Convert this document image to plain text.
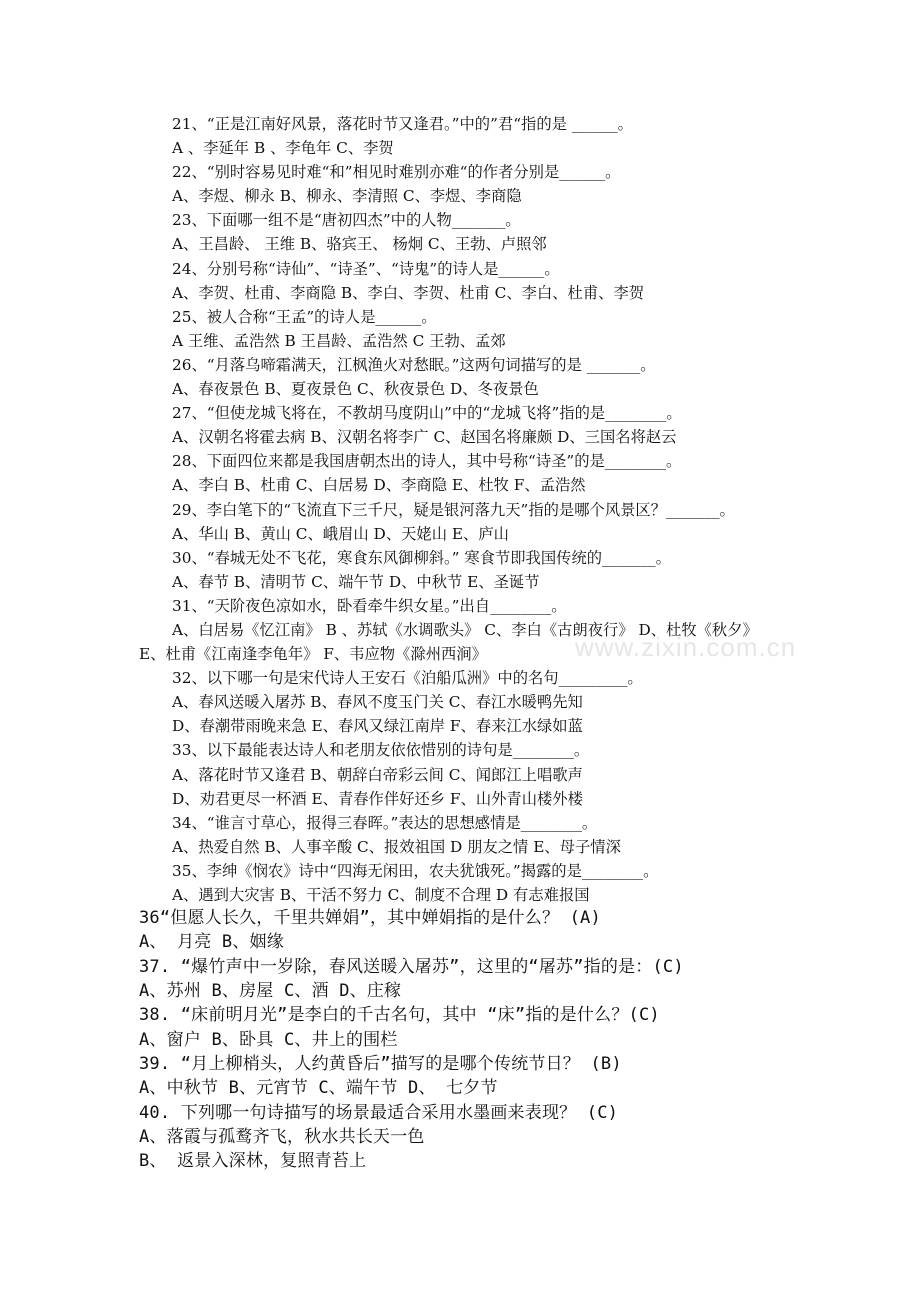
www.zixin.com.cn
21、“正是江南好风景，落花时节又逢君。”中的”君“指的是 ______。
A 、李延年 B 、李龟年 C、李贺
22、“别时容易见时难“和”相见时难别亦难“的作者分别是______。
A、李煜、柳永 B、柳永、李清照 C、李煜、李商隐
23、下面哪一组不是“唐初四杰”中的人物_______。
A、王昌龄、 王维 B、骆宾王、 杨炯 C、王勃、卢照邻
24、分别号称“诗仙”、“诗圣”、“诗鬼”的诗人是______。
A、李贺、杜甫、李商隐 B、李白、李贺、杜甫 C、李白、杜甫、李贺
25、被人合称“王孟”的诗人是______。
A 王维、孟浩然 B 王昌龄、孟浩然 C 王勃、孟郊
26、“月落乌啼霜满天，江枫渔火对愁眠。”这两句词描写的是 _______。
A、春夜景色 B、夏夜景色 C、秋夜景色 D、冬夜景色
27、“但使龙城飞将在，不教胡马度阴山”中的“龙城飞将”指的是________。
A、汉朝名将霍去病 B、汉朝名将李广 C、赵国名将廉颇 D、三国名将赵云
28、下面四位来都是我国唐朝杰出的诗人，其中号称“诗圣”的是________。
A、李白 B、杜甫 C、白居易 D、李商隐 E、杜牧 F、孟浩然
29、李白笔下的“飞流直下三千尺，疑是银河落九天”指的是哪个风景区？_______。
A、华山 B、黄山 C、峨眉山 D、天姥山 E、庐山
30、“春城无处不飞花，寒食东风御柳斜。” 寒食节即我国传统的_______。
A、春节 B、清明节 C、端午节 D、中秋节 E、圣诞节
31、“天阶夜色凉如水，卧看牵牛织女星。”出自________。
A、白居易《忆江南》 B 、苏轼《水调歌头》 C、李白《古朗夜行》 D、杜牧《秋夕》
E、杜甫《江南逢李龟年》 F、韦应物《滁州西涧》
32、以下哪一句是宋代诗人王安石《泊船瓜洲》中的名句_________。
A、春风送暖入屠苏 B、春风不度玉门关 C、春江水暖鸭先知
D、春潮带雨晚来急 E、春风又绿江南岸 F、春来江水绿如蓝
33、以下最能表达诗人和老朋友依依惜别的诗句是________。
A、落花时节又逢君 B、朝辞白帝彩云间 C、闻郎江上唱歌声
D、劝君更尽一杯酒 E、青春作伴好还乡 F、山外青山楼外楼
34、“谁言寸草心，报得三春晖。”表达的思想感情是________。
A、热爱自然 B、人事辛酸 C、报效祖国 D 朋友之情 E、母子情深
35、李绅《悯农》诗中“四海无闲田，农夫犹饿死。”揭露的是________。
A、遇到大灾害 B、干活不努力 C、制度不合理 D 有志难报国
36“但愿人长久，千里共婵娟”，其中婵娟指的是什么？ (A)
A、 月亮 B、姻缘
37. “爆竹声中一岁除，春风送暖入屠苏”，这里的“屠苏”指的是：(C)
A、苏州 B、房屋 C、酒 D、庄稼
38. “床前明月光”是李白的千古名句，其中 “床”指的是什么？(C)
A、窗户 B、卧具 C、井上的围栏
39. “月上柳梢头，人约黄昏后”描写的是哪个传统节日？ (B)
A、中秋节 B、元宵节 C、端午节 D、 七夕节
40. 下列哪一句诗描写的场景最适合采用水墨画来表现？ (C)
A、落霞与孤鹜齐飞，秋水共长天一色
B、 返景入深林，复照青苔上
